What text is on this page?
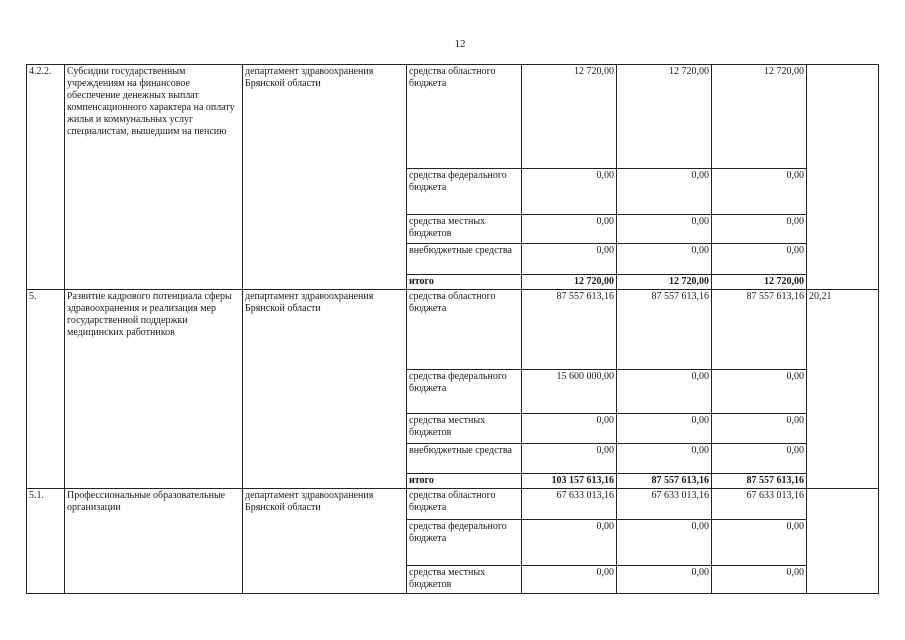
12
4.2.2.	Субсидии государственным учреждениям на финансовое обеспечение денежных выплат компенсационного характера на оплату жилья и коммунальных услуг специалистам, вышедшим на пенсию	департамент здравоохранения Брянской области	средства областного бюджета	12 720,00	12 720,00	12 720,00	
			средства федерального бюджета	0,00	0,00	0,00	
			средства местных бюджетов	0,00	0,00	0,00	
			внебюджетные средства	0,00	0,00	0,00	
			итого	12 720,00	12 720,00	12 720,00	
5.	Развитие кадрового потенциала сферы здравоохранения и реализация мер государственной поддержки медицинских работников	департамент здравоохранения Брянской области	средства областного бюджета	87 557 613,16	87 557 613,16	87 557 613,16	20,21
			средства федерального бюджета	15 600 000,00	0,00	0,00	
			средства местных бюджетов	0,00	0,00	0,00	
			внебюджетные средства	0,00	0,00	0,00	
			итого	103 157 613,16	87 557 613,16	87 557 613,16	
5.1.	Профессиональные образовательные организации	департамент здравоохранения Брянской области	средства областного бюджета	67 633 013,16	67 633 013,16	67 633 013,16	
			средства федерального бюджета	0,00	0,00	0,00	
			средства местных бюджетов	0,00	0,00	0,00	
